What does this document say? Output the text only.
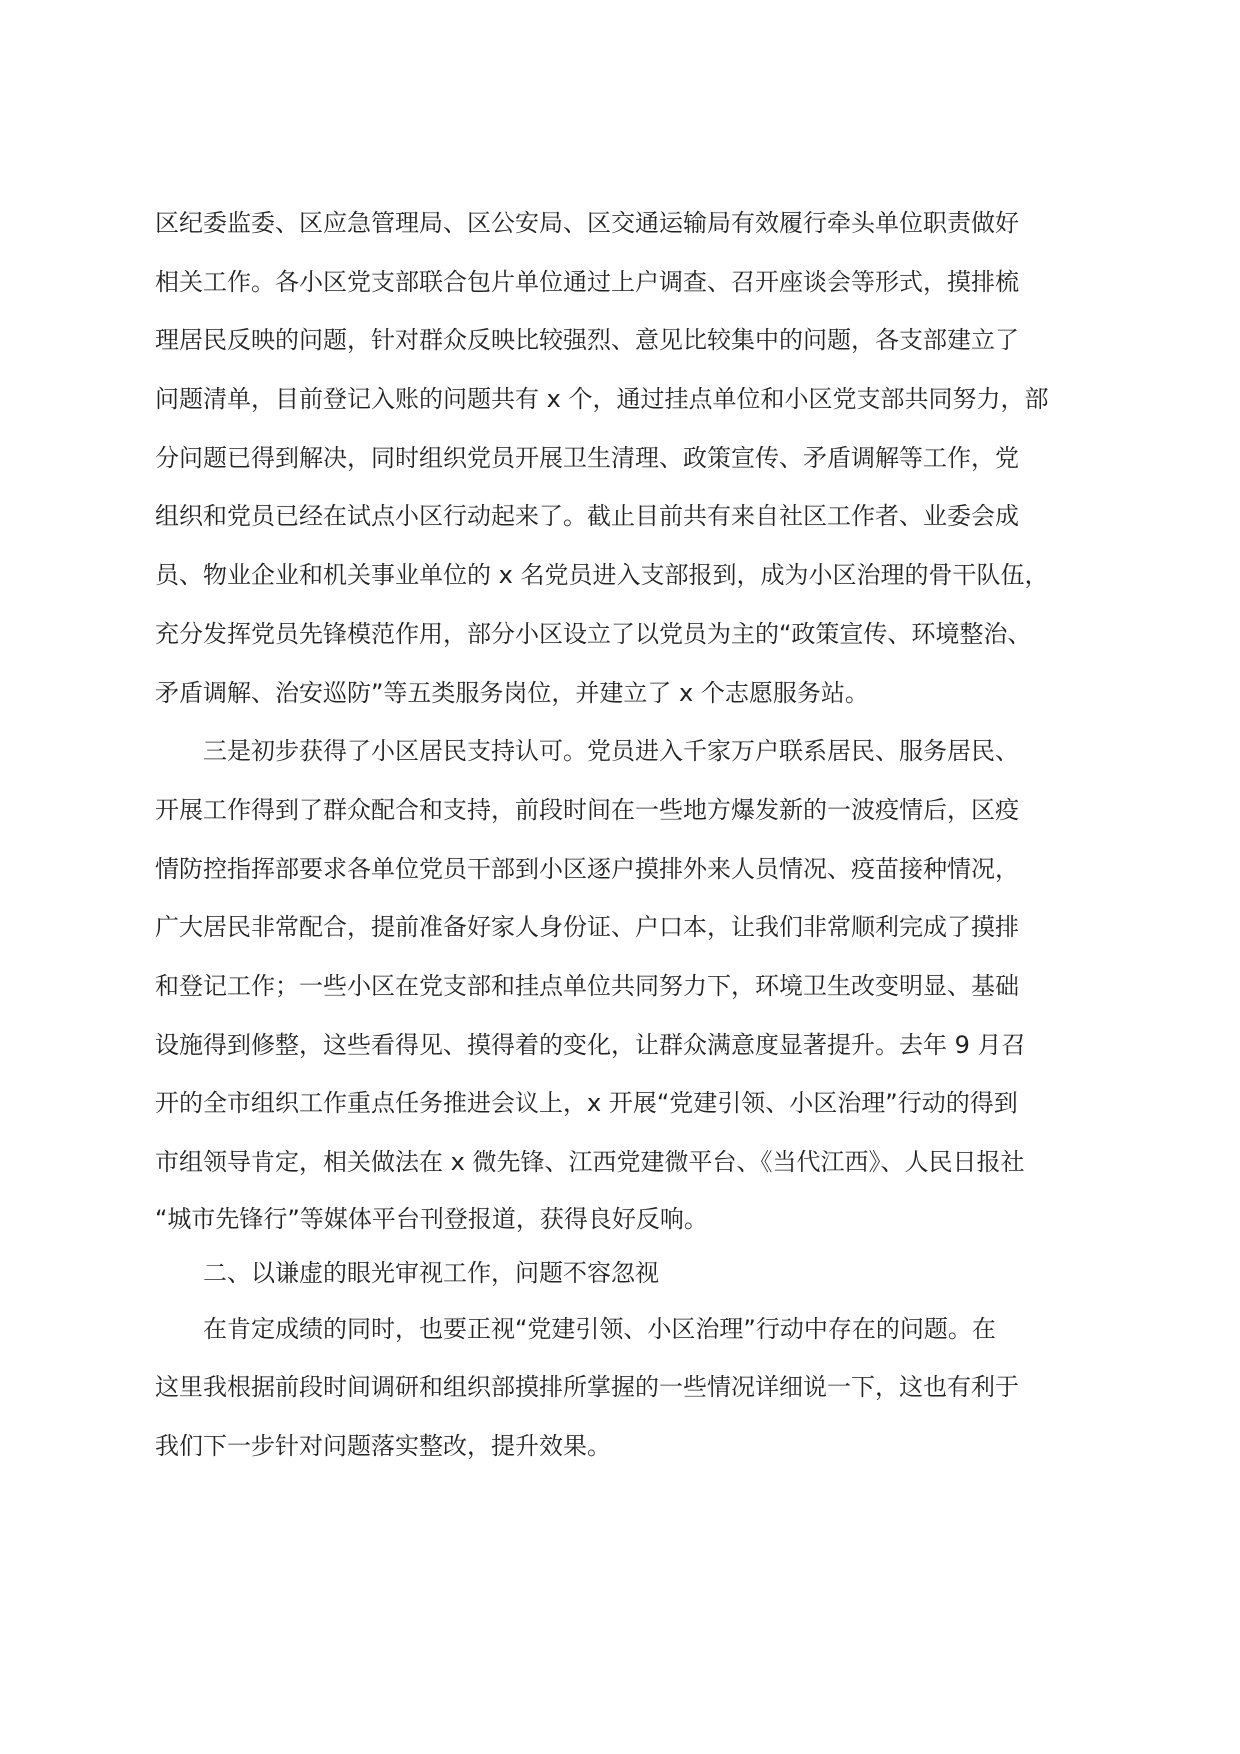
区纪委监委、区应急管理局、区公安局、区交通运输局有效履行牵头单位职责做好
相关工作。各小区党支部联合包片单位通过上户调查、召开座谈会等形式，摸排梳
理居民反映的问题，针对群众反映比较强烈、意见比较集中的问题，各支部建立了
问题清单，目前登记入账的问题共有 x 个，通过挂点单位和小区党支部共同努力，部
分问题已得到解决，同时组织党员开展卫生清理、政策宣传、矛盾调解等工作，党
组织和党员已经在试点小区行动起来了。截止目前共有来自社区工作者、业委会成
员、物业企业和机关事业单位的 x 名党员进入支部报到，成为小区治理的骨干队伍，
充分发挥党员先锋模范作用，部分小区设立了以党员为主的“政策宣传、环境整治、
矛盾调解、治安巡防”等五类服务岗位，并建立了 x 个志愿服务站。
三是初步获得了小区居民支持认可。党员进入千家万户联系居民、服务居民、
开展工作得到了群众配合和支持，前段时间在一些地方爆发新的一波疫情后，区疫
情防控指挥部要求各单位党员干部到小区逐户摸排外来人员情况、疫苗接种情况，
广大居民非常配合，提前准备好家人身份证、户口本，让我们非常顺利完成了摸排
和登记工作；一些小区在党支部和挂点单位共同努力下，环境卫生改变明显、基础
设施得到修整，这些看得见、摸得着的变化，让群众满意度显著提升。去年 9 月召
开的全市组织工作重点任务推进会议上，x 开展“党建引领、小区治理”行动的得到
市组领导肯定，相关做法在 x 微先锋、江西党建微平台、《当代江西》、人民日报社
“城市先锋行”等媒体平台刊登报道，获得良好反响。
二、以谦虚的眼光审视工作，问题不容忽视
在肯定成绩的同时，也要正视“党建引领、小区治理”行动中存在的问题。在
这里我根据前段时间调研和组织部摸排所掌握的一些情况详细说一下，这也有利于
我们下一步针对问题落实整改，提升效果。
